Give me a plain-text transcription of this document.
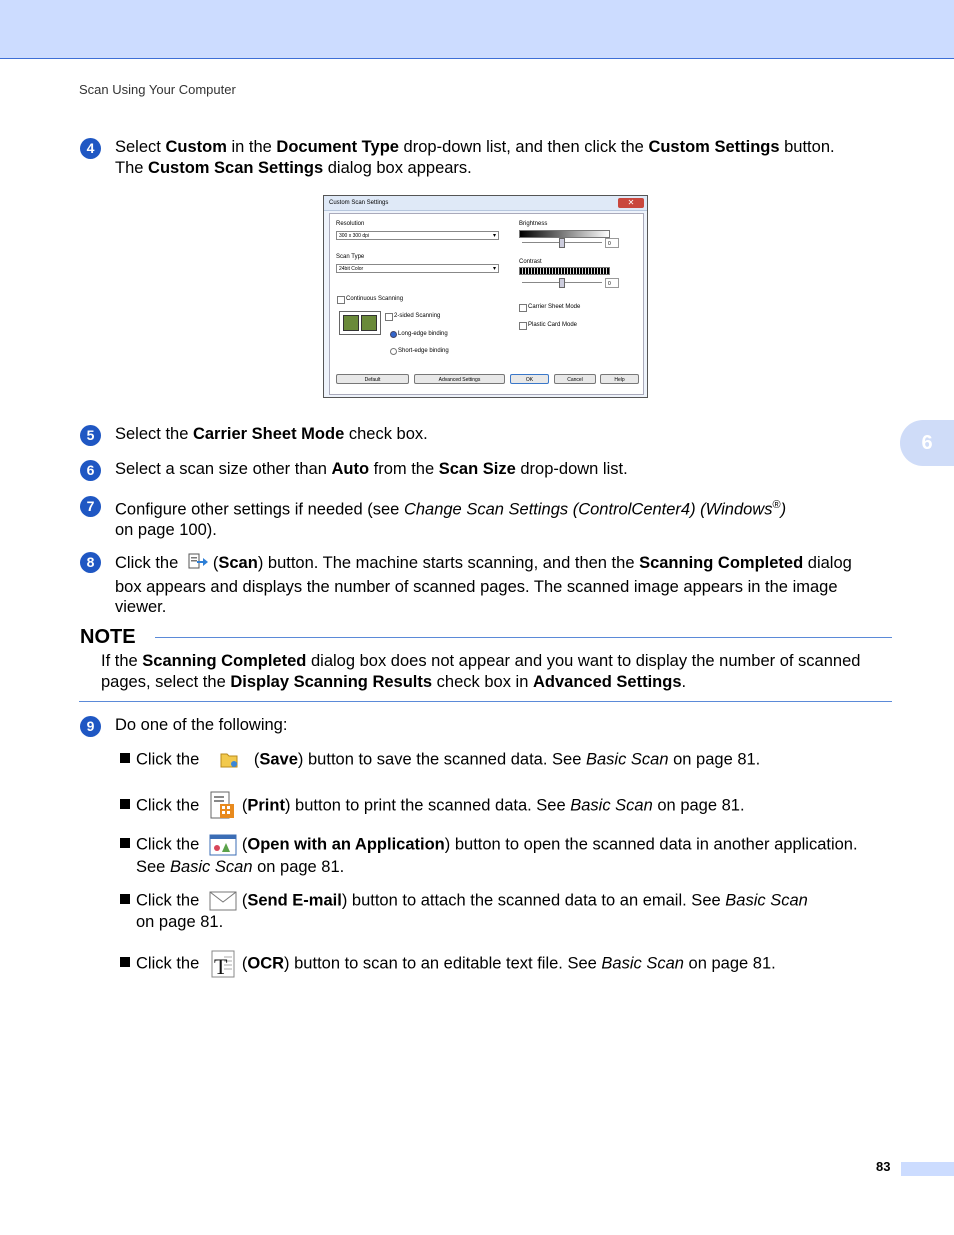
Scan Using Your Computer
6
4	Select Custom in the Document Type drop-down list, and then click the Custom Settings button.
The Custom Scan Settings dialog box appears.
Custom Scan Settings	✕
Resolution
300 x 300 dpi	▾
Scan Type
24bit Color	▾
Continuous Scanning
2-sided Scanning
Long-edge binding
Short-edge binding
Brightness
0
Contrast
0
Carrier Sheet Mode
Plastic Card Mode
Default	Advanced Settings	OK	Cancel	Help
5	Select the Carrier Sheet Mode check box.
6	Select a scan size other than Auto from the Scan Size drop-down list.
7	Configure other settings if needed (see Change Scan Settings (ControlCenter4) (Windows®)
on page 100).
8	Click the (Scan) button. The machine starts scanning, and then the Scanning Completed dialog
box appears and displays the number of scanned pages. The scanned image appears in the image
viewer.
NOTE
If the Scanning Completed dialog box does not appear and you want to display the number of scanned
pages, select the Display Scanning Results check box in Advanced Settings.
9	Do one of the following:
Click the	(Save) button to save the scanned data. See Basic Scan on page 81.
Click the	(Print) button to print the scanned data. See Basic Scan on page 81.
Click the	(Open with an Application) button to open the scanned data in another application.
See Basic Scan on page 81.
Click the	(Send E-mail) button to attach the scanned data to an email. See Basic Scan
on page 81.
Click the T (OCR) button to scan to an editable text file. See Basic Scan on page 81.
83
